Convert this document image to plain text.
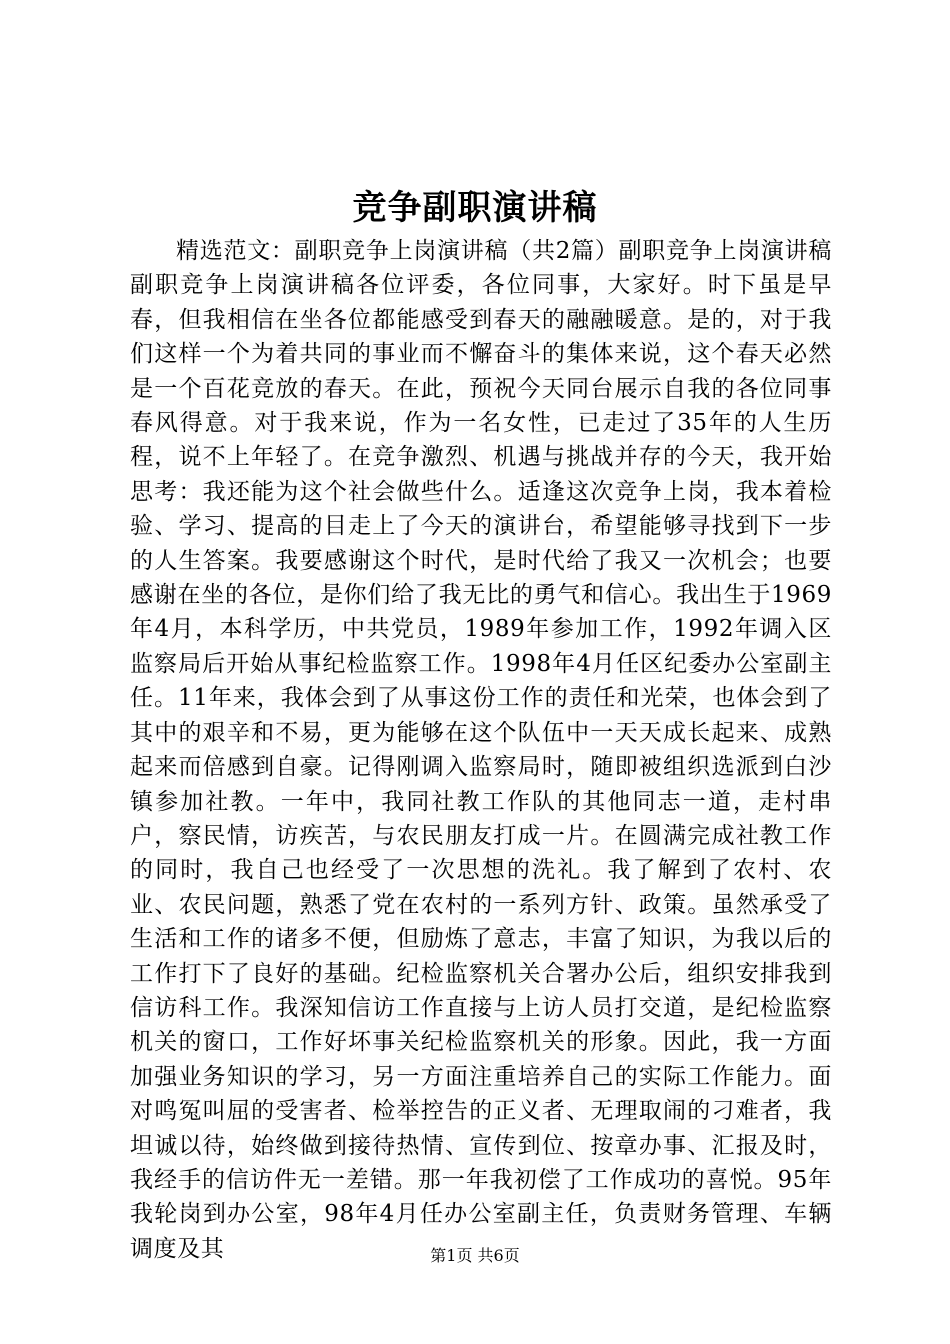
竞争副职演讲稿

精选范文：副职竞争上岗演讲稿（共2篇）副职竞争上岗演讲稿副职竞争上岗演讲稿各位评委，各位同事，大家好。时下虽是早春，但我相信在坐各位都能感受到春天的融融暖意。是的，对于我们这样一个为着共同的事业而不懈奋斗的集体来说，这个春天必然是一个百花竞放的春天。在此，预祝今天同台展示自我的各位同事春风得意。对于我来说，作为一名女性，已走过了35年的人生历程，说不上年轻了。在竞争激烈、机遇与挑战并存的今天，我开始思考：我还能为这个社会做些什么。适逢这次竞争上岗，我本着检验、学习、提高的目走上了今天的演讲台，希望能够寻找到下一步的人生答案。我要感谢这个时代，是时代给了我又一次机会；也要感谢在坐的各位，是你们给了我无比的勇气和信心。我出生于1969年4月，本科学历，中共党员，1989年参加工作，1992年调入区监察局后开始从事纪检监察工作。1998年4月任区纪委办公室副主任。11年来，我体会到了从事这份工作的责任和光荣，也体会到了其中的艰辛和不易，更为能够在这个队伍中一天天成长起来、成熟起来而倍感到自豪。记得刚调入监察局时，随即被组织选派到白沙镇参加社教。一年中，我同社教工作队的其他同志一道，走村串户，察民情，访疾苦，与农民朋友打成一片。在圆满完成社教工作的同时，我自己也经受了一次思想的洗礼。我了解到了农村、农业、农民问题，熟悉了党在农村的一系列方针、政策。虽然承受了生活和工作的诸多不便，但励炼了意志，丰富了知识，为我以后的工作打下了良好的基础。纪检监察机关合署办公后，组织安排我到信访科工作。我深知信访工作直接与上访人员打交道，是纪检监察机关的窗口，工作好坏事关纪检监察机关的形象。因此，我一方面加强业务知识的学习，另一方面注重培养自己的实际工作能力。面对鸣冤叫屈的受害者、检举控告的正义者、无理取闹的刁难者，我坦诚以待，始终做到接待热情、宣传到位、按章办事、汇报及时，我经手的信访件无一差错。那一年我初偿了工作成功的喜悦。95年我轮岗到办公室，98年4月任办公室副主任，负责财务管理、车辆调度及其	第1页 共6页
